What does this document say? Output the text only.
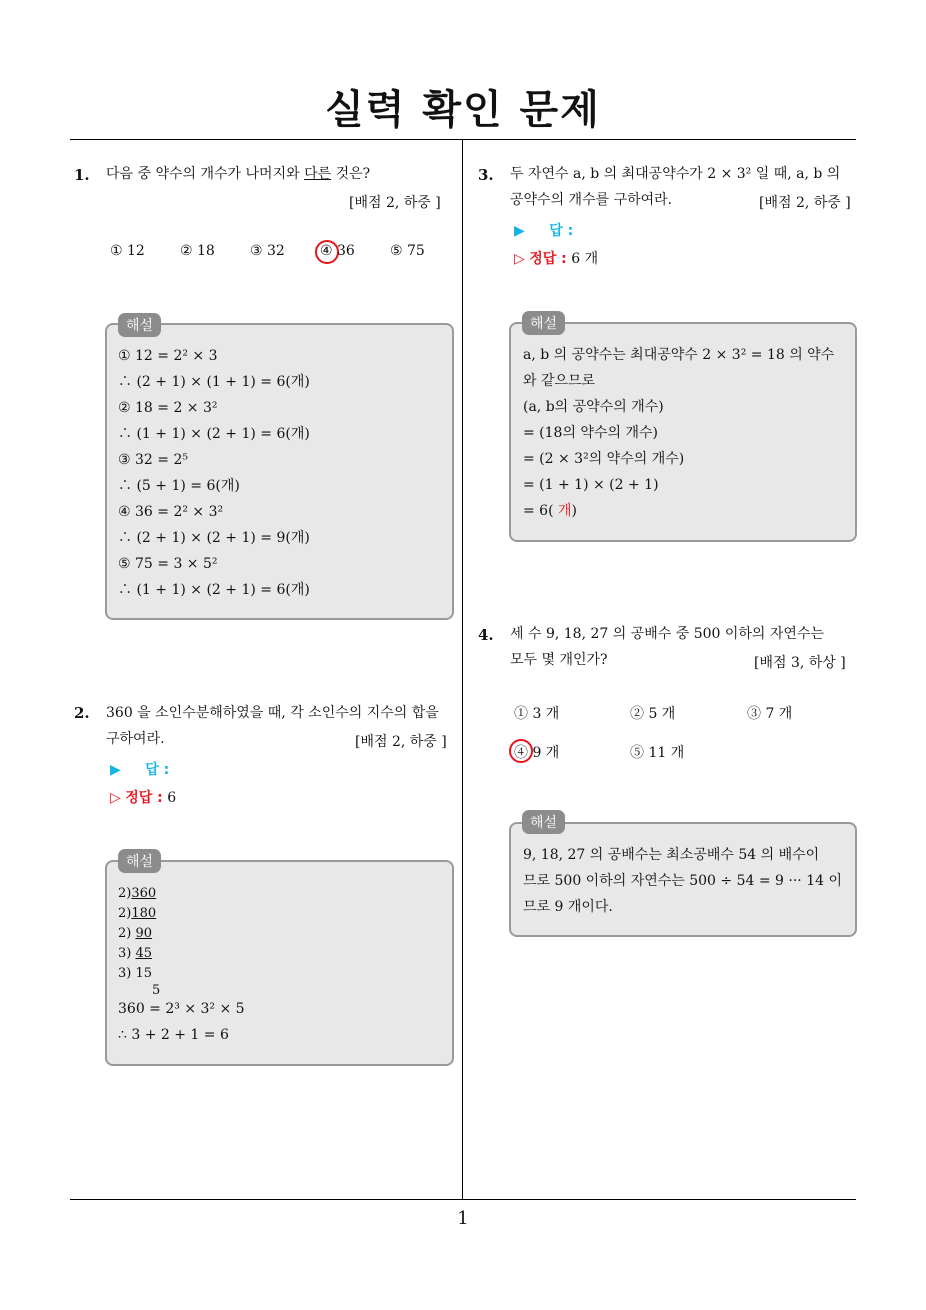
실력 확인 문제
1
1. 다음 중 약수의 개수가 나머지와 다른 것은?
[배점 2, 하중 ]
① 12	② 18	③ 32	④ 36	⑤ 75
① 12 = 2² × 3
∴ (2 + 1) × (1 + 1) = 6(개)
② 18 = 2 × 3²
∴ (1 + 1) × (2 + 1) = 6(개)
③ 32 = 2⁵
∴ (5 + 1) = 6(개)
④ 36 = 2² × 3²
∴ (2 + 1) × (2 + 1) = 9(개)
⑤ 75 = 3 × 5²
∴ (1 + 1) × (2 + 1) = 6(개)
해설
2. 360 을 소인수분해하였을 때, 각 소인수의 지수의 합을
구하여라.	[배점 2, 하중 ]
▶ 답 :
▷ 정답 : 6
2)360
2)180
2) 90
3) 45
3) 15
5
360 = 2³ × 3² × 5
∴ 3 + 2 + 1 = 6
해설
3. 두 자연수 a, b 의 최대공약수가 2 × 3² 일 때, a, b 의
공약수의 개수를 구하여라.	[배점 2, 하중 ]
▶ 답 :
▷ 정답 : 6 개
a, b 의 공약수는 최대공약수 2 × 3² = 18 의 약수
와 같으므로
(a, b의 공약수의 개수)
= (18의 약수의 개수)
= (2 × 3²의 약수의 개수)
= (1 + 1) × (2 + 1)
= 6( 개)
해설
4. 세 수 9, 18, 27 의 공배수 중 500 이하의 자연수는
모두 몇 개인가?	[배점 3, 하상 ]
① 3 개	② 5 개	③ 7 개
④ 9 개	⑤ 11 개
9, 18, 27 의 공배수는 최소공배수 54 의 배수이
므로 500 이하의 자연수는 500 ÷ 54 = 9 ··· 14 이
므로 9 개이다.
해설
